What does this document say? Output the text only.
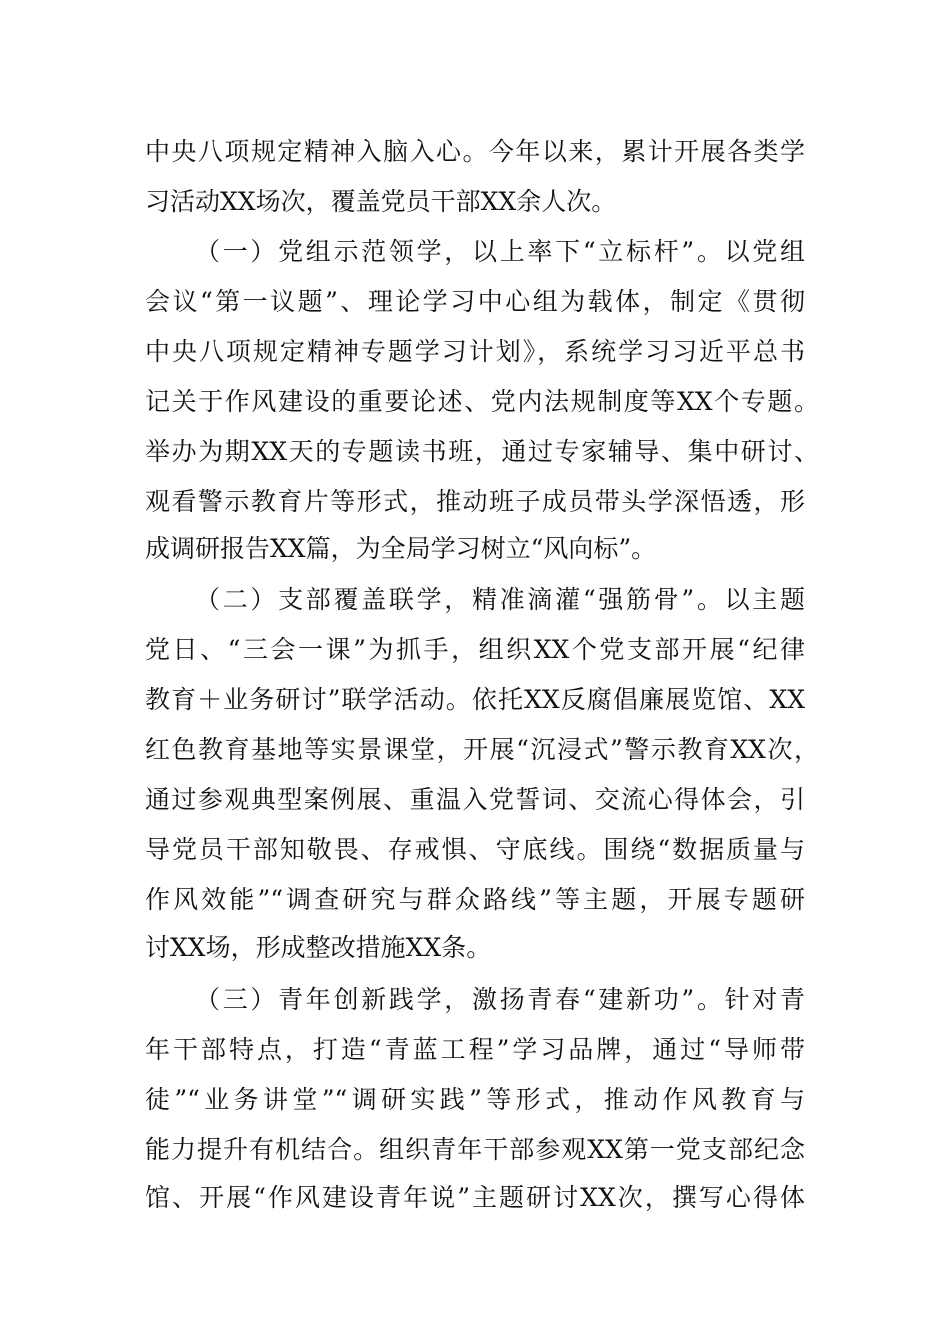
中央八项规定精神入脑入心。今年以来，累计开展各类学
习活动XX场次，覆盖党员干部XX余人次。
（一）党组示范领学，以上率下“立标杆”。以党组
会议“第一议题”、理论学习中心组为载体，制定《贯彻
中央八项规定精神专题学习计划》，系统学习习近平总书
记关于作风建设的重要论述、党内法规制度等XX个专题。
举办为期XX天的专题读书班，通过专家辅导、集中研讨、
观看警示教育片等形式，推动班子成员带头学深悟透，形
成调研报告XX篇，为全局学习树立“风向标”。
（二）支部覆盖联学，精准滴灌“强筋骨”。以主题
党日、“三会一课”为抓手，组织XX个党支部开展“纪律
教育＋业务研讨”联学活动。依托XX反腐倡廉展览馆、XX
红色教育基地等实景课堂，开展“沉浸式”警示教育XX次，
通过参观典型案例展、重温入党誓词、交流心得体会，引
导党员干部知敬畏、存戒惧、守底线。围绕“数据质量与
作风效能”“调查研究与群众路线”等主题，开展专题研
讨XX场，形成整改措施XX条。
（三）青年创新践学，激扬青春“建新功”。针对青
年干部特点，打造“青蓝工程”学习品牌，通过“导师带
徒”“业务讲堂”“调研实践”等形式，推动作风教育与
能力提升有机结合。组织青年干部参观XX第一党支部纪念
馆、开展“作风建设青年说”主题研讨XX次，撰写心得体
